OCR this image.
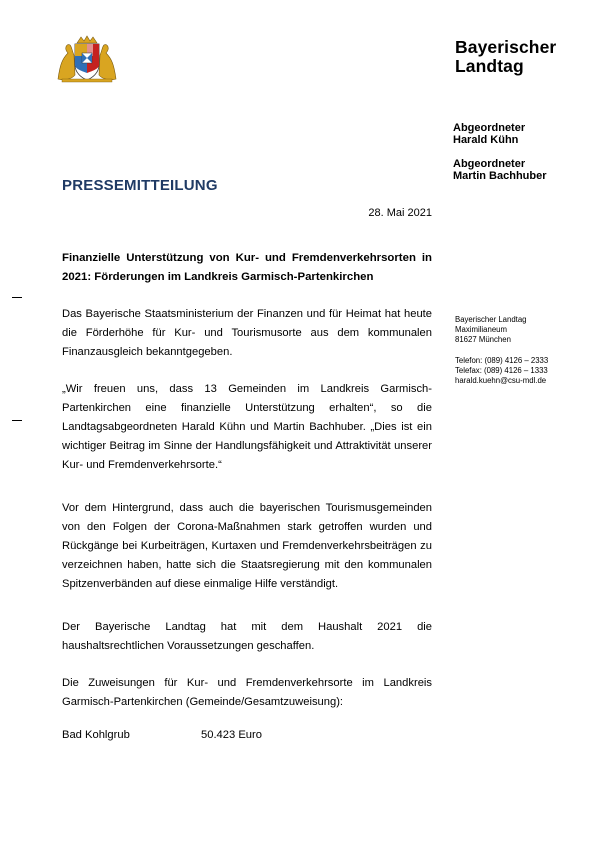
Bayerischer
Landtag
Abgeordneter
Harald Kühn
Abgeordneter
Martin Bachhuber
PRESSEMITTEILUNG
28. Mai 2021
Finanzielle Unterstützung von Kur- und Fremdenverkehrsorten in 2021: Förderungen im Landkreis Garmisch-Partenkirchen
Das Bayerische Staatsministerium der Finanzen und für Heimat hat heute die Förderhöhe für Kur- und Tourismusorte aus dem kommunalen Finanzausgleich bekanntgegeben.
„Wir freuen uns, dass 13 Gemeinden im Landkreis Garmisch-Partenkirchen eine finanzielle Unterstützung erhalten“, so die Landtagsabgeordneten Harald Kühn und Martin Bachhuber. „Dies ist ein wichtiger Beitrag im Sinne der Handlungsfähigkeit und Attraktivität unserer Kur- und Fremdenverkehrsorte.“
Vor dem Hintergrund, dass auch die bayerischen Tourismusgemeinden von den Folgen der Corona-Maßnahmen stark getroffen wurden und Rückgänge bei Kurbeiträgen, Kurtaxen und Fremdenverkehrsbeiträgen zu verzeichnen haben, hatte sich die Staatsregierung mit den kommunalen Spitzenverbänden auf diese einmalige Hilfe verständigt.
Der Bayerische Landtag hat mit dem Haushalt 2021 die haushaltsrechtlichen Voraussetzungen geschaffen.
Die Zuweisungen für Kur- und Fremdenverkehrsorte im Landkreis Garmisch-Partenkirchen (Gemeinde/Gesamtzuweisung):
Bad Kohlgrub	50.423 Euro
Bayerischer Landtag
Maximilianeum
81627 München
Telefon: (089) 4126 – 2333
Telefax: (089) 4126 – 1333
harald.kuehn@csu-mdl.de
